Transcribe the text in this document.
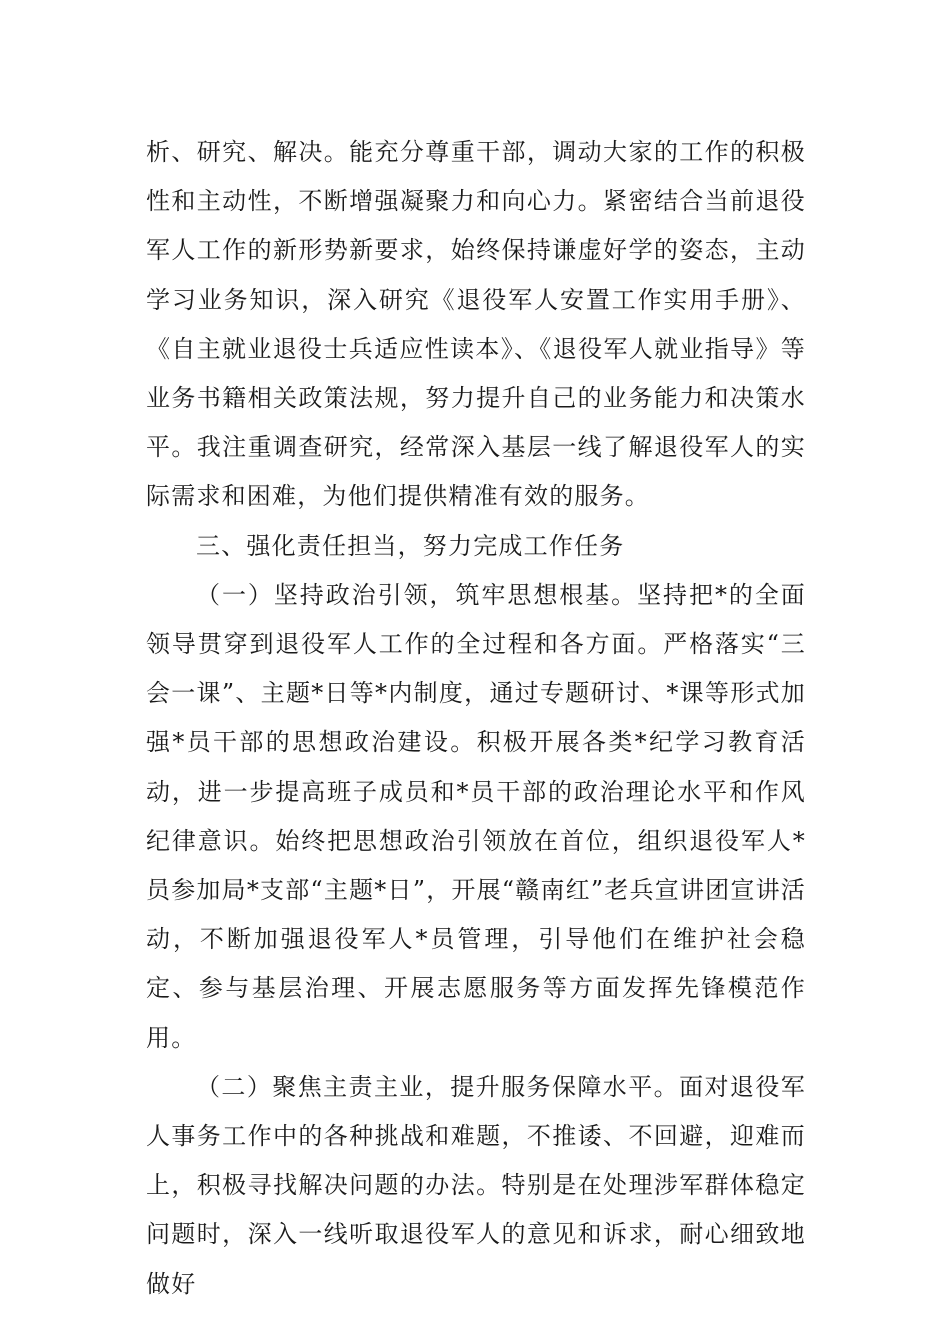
析、研究、解决。能充分尊重干部，调动大家的工作的积极性和主动性，不断增强凝聚力和向心力。紧密结合当前退役军人工作的新形势新要求，始终保持谦虚好学的姿态，主动学习业务知识，深入研究《退役军人安置工作实用手册》、《自主就业退役士兵适应性读本》、《退役军人就业指导》等业务书籍相关政策法规，努力提升自己的业务能力和决策水平。我注重调查研究，经常深入基层一线了解退役军人的实际需求和困难，为他们提供精准有效的服务。

三、强化责任担当，努力完成工作任务

（一）坚持政治引领，筑牢思想根基。坚持把*的全面领导贯穿到退役军人工作的全过程和各方面。严格落实“三会一课”、主题*日等*内制度，通过专题研讨、*课等形式加强*员干部的思想政治建设。积极开展各类*纪学习教育活动，进一步提高班子成员和*员干部的政治理论水平和作风纪律意识。始终把思想政治引领放在首位，组织退役军人*员参加局*支部“主题*日”，开展“赣南红”老兵宣讲团宣讲活动，不断加强退役军人*员管理，引导他们在维护社会稳定、参与基层治理、开展志愿服务等方面发挥先锋模范作用。

（二）聚焦主责主业，提升服务保障水平。面对退役军人事务工作中的各种挑战和难题，不推诿、不回避，迎难而上，积极寻找解决问题的办法。特别是在处理涉军群体稳定问题时，深入一线听取退役军人的意见和诉求，耐心细致地做好
